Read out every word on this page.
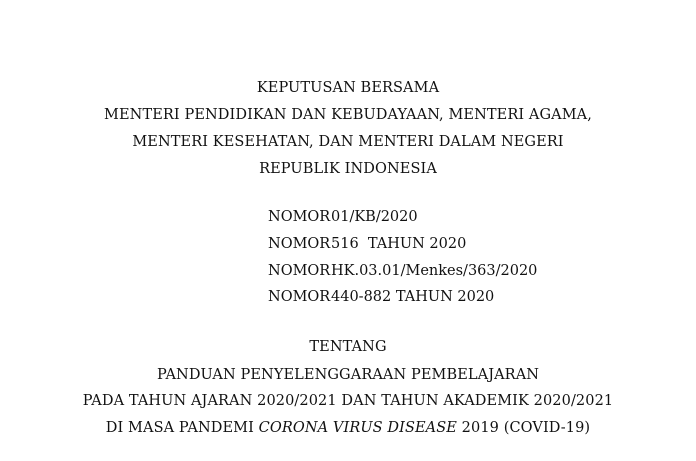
KEPUTUSAN BERSAMA
MENTERI PENDIDIKAN DAN KEBUDAYAAN, MENTERI AGAMA,
MENTERI KESEHATAN, DAN MENTERI DALAM NEGERI
REPUBLIK INDONESIA
NOMOR 01/KB/2020
NOMOR 516  TAHUN 2020
NOMOR HK.03.01/Menkes/363/2020
NOMOR 440-882 TAHUN 2020
TENTANG
PANDUAN PENYELENGGARAAN PEMBELAJARAN
PADA TAHUN AJARAN 2020/2021 DAN TAHUN AKADEMIK 2020/2021
DI MASA PANDEMI CORONA VIRUS DISEASE 2019 (COVID-19)
